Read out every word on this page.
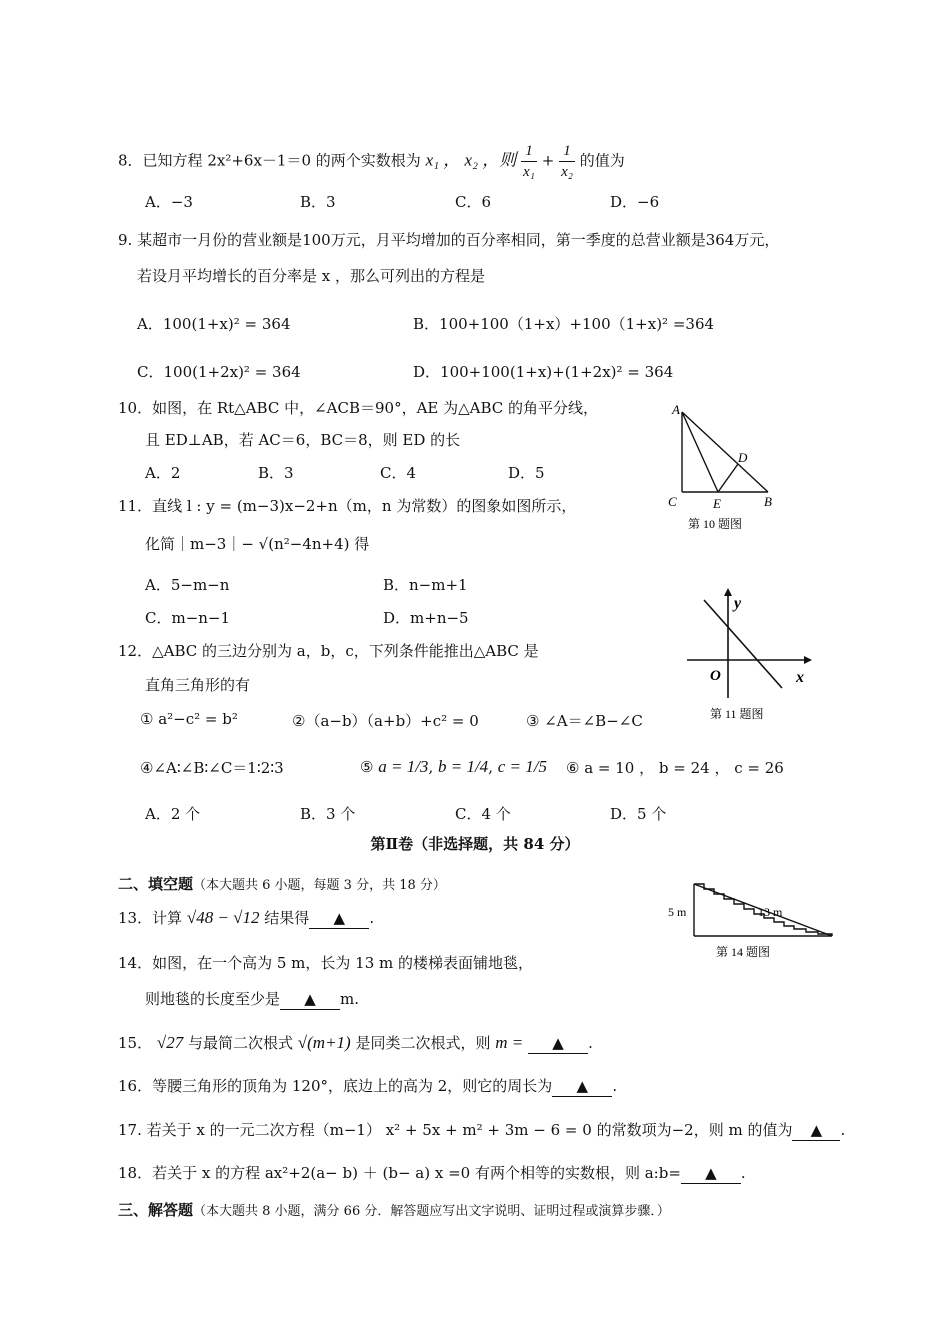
8．已知方程 2x²+6x－1＝0 的两个实数根为 x₁ ， x₂ ，则 $\frac{1}{\text{x₁}} + \frac{1}{\text{x₂}}$ 的值为
A．−3	B．3	C．6	D．−6
9. 某超市一月份的营业额是100万元，月平均增加的百分率相同，第一季度的总营业额是364万元，
若设月平均增长的百分率是 x ，那么可列出的方程是
A．100(1+x)² = 364	B．100+100（1+x）+100（1+x)² =364
C．100(1+2x)² = 364	D．100+100(1+x)+(1+2x)² = 364
10．如图，在 Rt△ABC 中，∠ACB＝90°，AE 为△ABC 的角平分线，
且 ED⊥AB，若 AC＝6，BC＝8，则 ED 的长
A．2	B．3	C．4	D．5
A
C	E
D
B
第 10 题图
11．直线 l : y = (m−3)x−2+n（m，n 为常数）的图象如图所示，
化简｜m−3｜− √(n²−4n+4) 得
A．5−m−n	B．n−m+1
C．m−n−1	D．m+n−5
y
O	x
第 11 题图
12．△ABC 的三边分别为 a，b，c，下列条件能推出△ABC 是
直角三角形的有
① a²−c² = b²	②（a−b）（a+b）+c² = 0	③ ∠A＝∠B−∠C
④∠A∶∠B∶∠C＝1∶2∶3	⑤ a = 1/3, b = 1/4, c = 1/5 ⑥ a = 10 ， b = 24 ， c = 26
A．2 个	B．3 个	C．4 个	D．5 个
第Ⅱ卷（非选择题，共 84 分）
二、填空题（本大题共 6 小题，每题 3 分，共 18 分）
13．计算 √48 − √12 结果得 ▲ .	5 m	13 m
第 14 题图
14．如图，在一个高为 5 m，长为 13 m 的楼梯表面铺地毯，
则地毯的长度至少是 ▲ m.
15． √27 与最简二次根式 √(m+1) 是同类二次根式，则 m = ▲ .
16．等腰三角形的顶角为 120°，底边上的高为 2，则它的周长为 ▲ .
17. 若关于 x 的一元二次方程（m−1） x² + 5x + m² + 3m − 6 = 0 的常数项为−2，则 m 的值为 ▲ .
18．若关于 x 的方程 ax²+2(a− b) ＋ (b− a) x =0 有两个相等的实数根，则 a:b= ▲ .
三、解答题（本大题共 8 小题，满分 66 分．解答题应写出文字说明、证明过程或演算步骤．）
